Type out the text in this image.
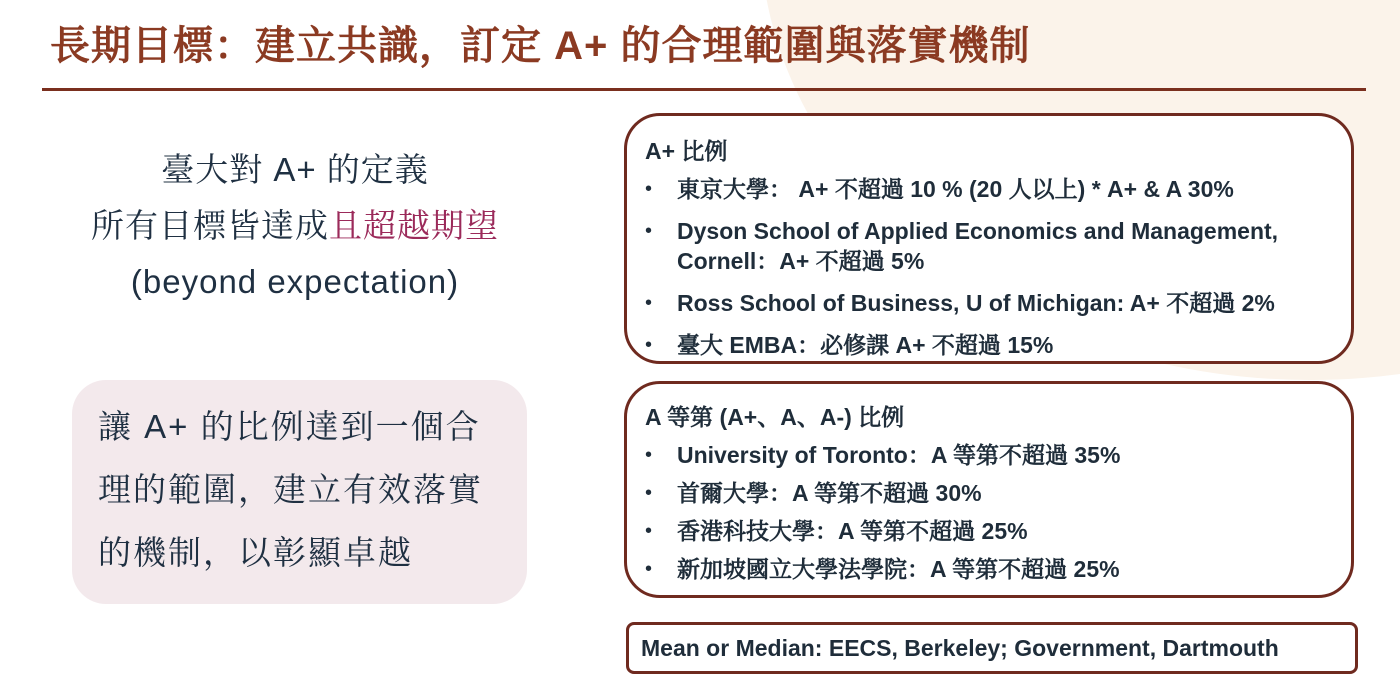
長期目標：建立共識，訂定 A+ 的合理範圍與落實機制
臺大對 A+ 的定義
所有目標皆達成且超越期望
(beyond expectation)
讓 A+ 的比例達到一個合
理的範圍，建立有效落實
的機制，以彰顯卓越
A+ 比例
• 東京大學： A+ 不超過 10 % (20 人以上) * A+ & A 30%
• Dyson School of Applied Economics and Management, Cornell：A+ 不超過 5%
• Ross School of Business, U of Michigan: A+ 不超過 2%
• 臺大 EMBA：必修課 A+ 不超過 15%
A 等第 (A+、A、A-) 比例
• University of Toronto：A 等第不超過 35%
• 首爾大學：A 等第不超過 30%
• 香港科技大學：A 等第不超過 25%
• 新加坡國立大學法學院：A 等第不超過 25%
Mean or Median: EECS, Berkeley; Government, Dartmouth
